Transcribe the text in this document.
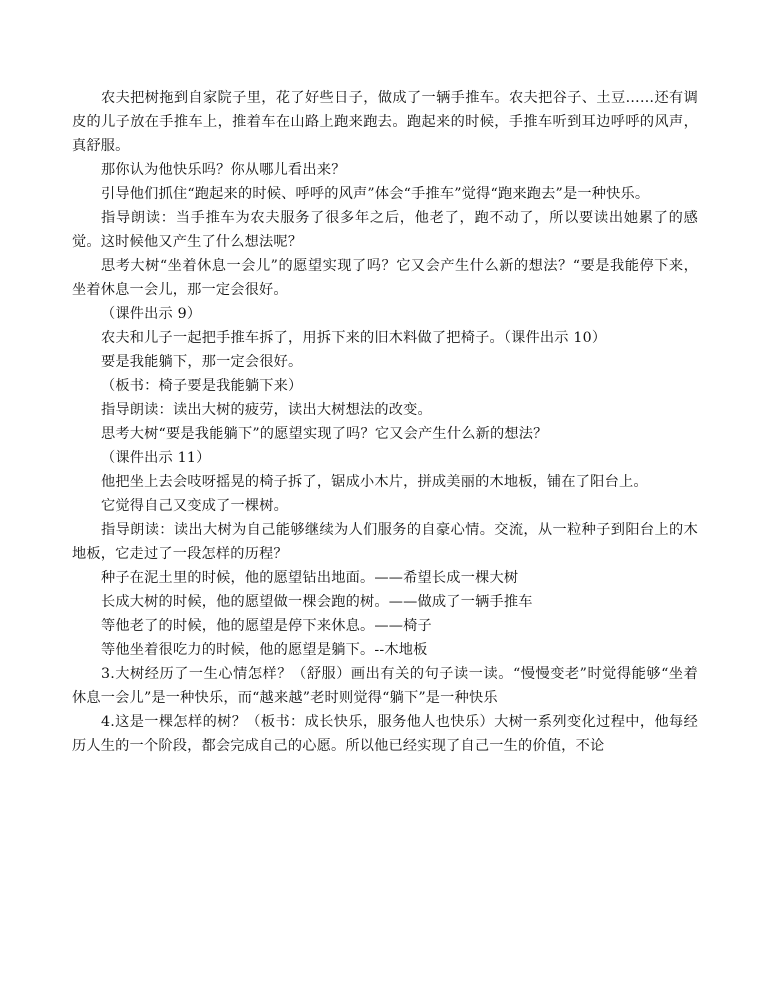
农夫把树拖到自家院子里，花了好些日子，做成了一辆手推车。农夫把谷子、土豆……还有调皮的儿子放在手推车上，推着车在山路上跑来跑去。跑起来的时候，手推车听到耳边呼呼的风声，真舒服。

那你认为他快乐吗？你从哪儿看出来？

引导他们抓住“跑起来的时候、呼呼的风声”体会“手推车”觉得“跑来跑去”是一种快乐。

指导朗读：当手推车为农夫服务了很多年之后，他老了，跑不动了，所以要读出她累了的感觉。这时候他又产生了什么想法呢？

思考大树“坐着休息一会儿”的愿望实现了吗？它又会产生什么新的想法？“要是我能停下来，坐着休息一会儿，那一定会很好。

（课件出示 9）

农夫和儿子一起把手推车拆了，用拆下来的旧木料做了把椅子。（课件出示 10）

要是我能躺下，那一定会很好。

（板书：椅子要是我能躺下来）

指导朗读：读出大树的疲劳，读出大树想法的改变。

思考大树“要是我能躺下”的愿望实现了吗？它又会产生什么新的想法？

（课件出示 11）

他把坐上去会吱呀摇晃的椅子拆了，锯成小木片，拼成美丽的木地板，铺在了阳台上。

它觉得自己又变成了一棵树。

指导朗读：读出大树为自己能够继续为人们服务的自豪心情。交流，从一粒种子到阳台上的木地板，它走过了一段怎样的历程？

种子在泥土里的时候，他的愿望钻出地面。——希望长成一棵大树

长成大树的时候，他的愿望做一棵会跑的树。——做成了一辆手推车

等他老了的时候，他的愿望是停下来休息。——椅子

等他坐着很吃力的时候，他的愿望是躺下。--木地板

3.大树经历了一生心情怎样？（舒服）画出有关的句子读一读。“慢慢变老”时觉得能够“坐着休息一会儿”是一种快乐，而“越来越”老时则觉得“躺下”是一种快乐

4.这是一棵怎样的树？（板书：成长快乐，服务他人也快乐）大树一系列变化过程中，他每经历人生的一个阶段，都会完成自己的心愿。所以他已经实现了自己一生的价值，不论
